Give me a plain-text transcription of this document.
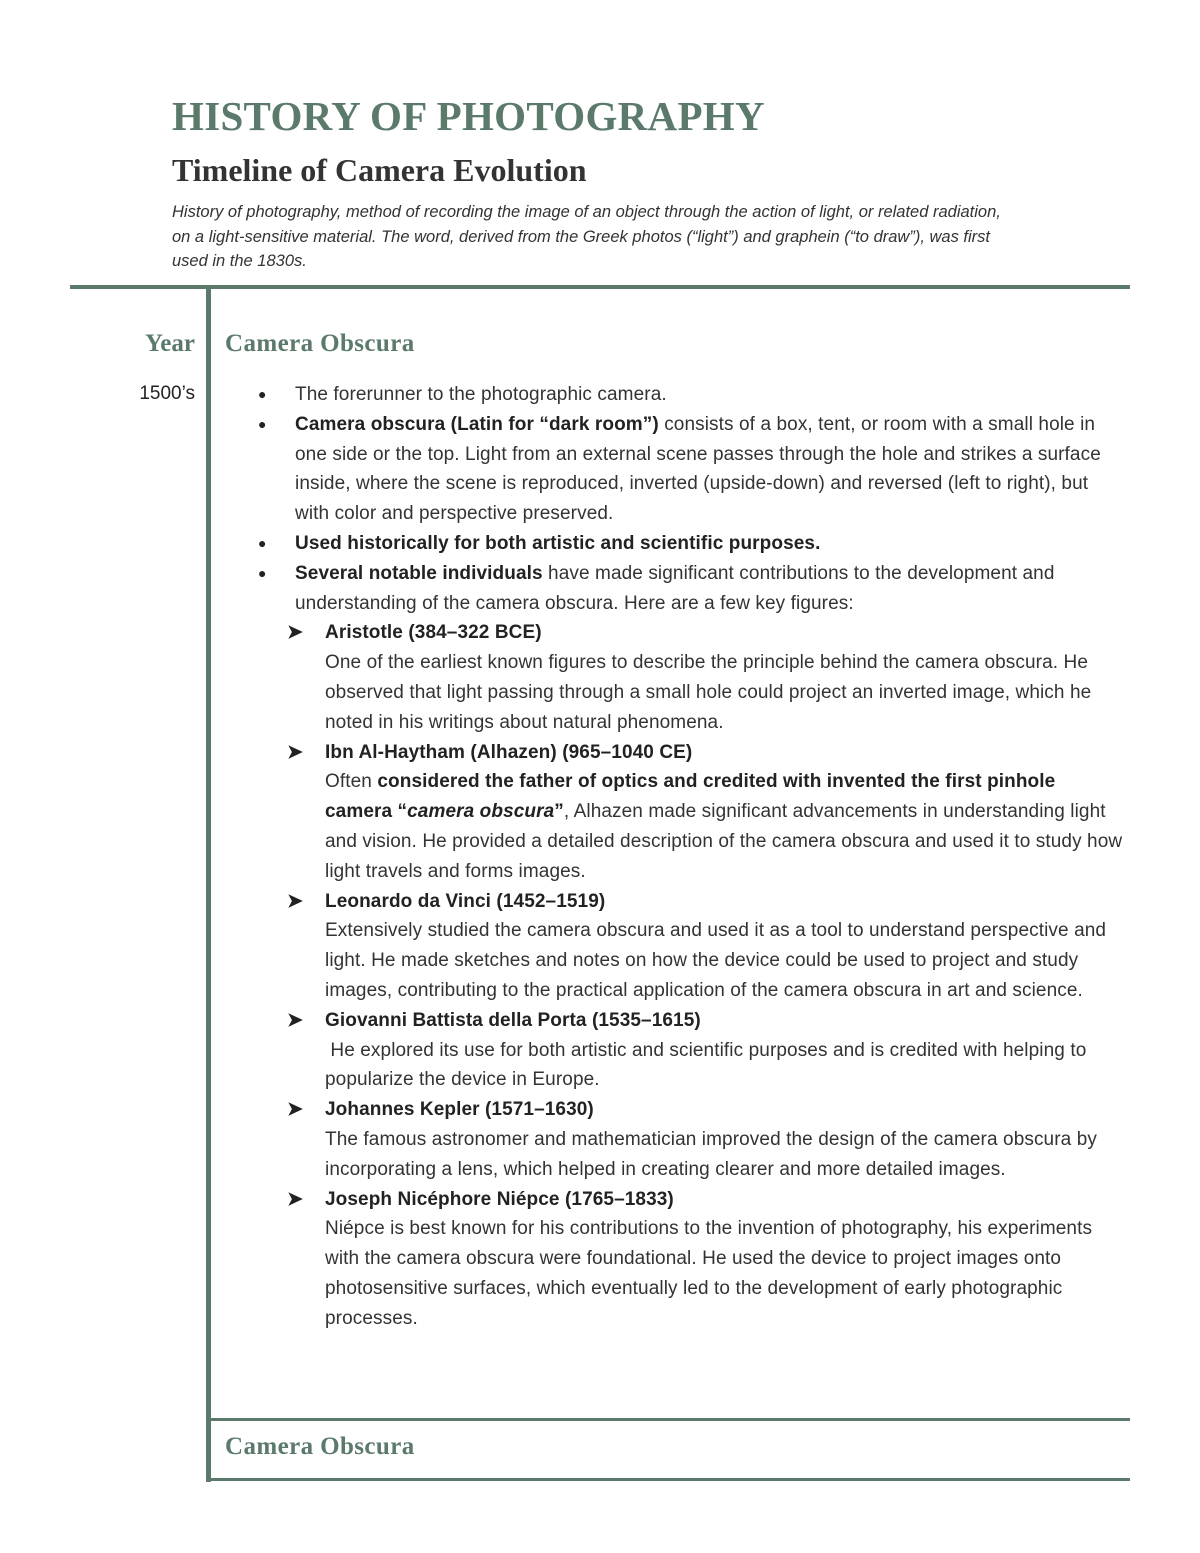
HISTORY OF PHOTOGRAPHY
Timeline of Camera Evolution

History of photography, method of recording the image of an object through the action of light, or related radiation, on a light-sensitive material. The word, derived from the Greek photos (“light”) and graphein (“to draw”), was first used in the 1830s.

Year
1500’s
Camera Obscura
● The forerunner to the photographic camera.
● Camera obscura (Latin for “dark room”) consists of a box, tent, or room with a small hole in one side or the top. Light from an external scene passes through the hole and strikes a surface inside, where the scene is reproduced, inverted (upside-down) and reversed (left to right), but with color and perspective preserved.
● Used historically for both artistic and scientific purposes.
● Several notable individuals have made significant contributions to the development and understanding of the camera obscura. Here are a few key figures:
➤ Aristotle (384–322 BCE)
One of the earliest known figures to describe the principle behind the camera obscura. He observed that light passing through a small hole could project an inverted image, which he noted in his writings about natural phenomena.
➤ Ibn Al-Haytham (Alhazen) (965–1040 CE)
Often considered the father of optics and credited with invented the first pinhole camera “camera obscura”, Alhazen made significant advancements in understanding light and vision. He provided a detailed description of the camera obscura and used it to study how light travels and forms images.
➤ Leonardo da Vinci (1452–1519)
Extensively studied the camera obscura and used it as a tool to understand perspective and light. He made sketches and notes on how the device could be used to project and study images, contributing to the practical application of the camera obscura in art and science.
➤ Giovanni Battista della Porta (1535–1615)
He explored its use for both artistic and scientific purposes and is credited with helping to popularize the device in Europe.
➤ Johannes Kepler (1571–1630)
The famous astronomer and mathematician improved the design of the camera obscura by incorporating a lens, which helped in creating clearer and more detailed images.
➤ Joseph Nicéphore Niépce (1765–1833)
Niépce is best known for his contributions to the invention of photography, his experiments with the camera obscura were foundational. He used the device to project images onto photosensitive surfaces, which eventually led to the development of early photographic processes.
Camera Obscura
